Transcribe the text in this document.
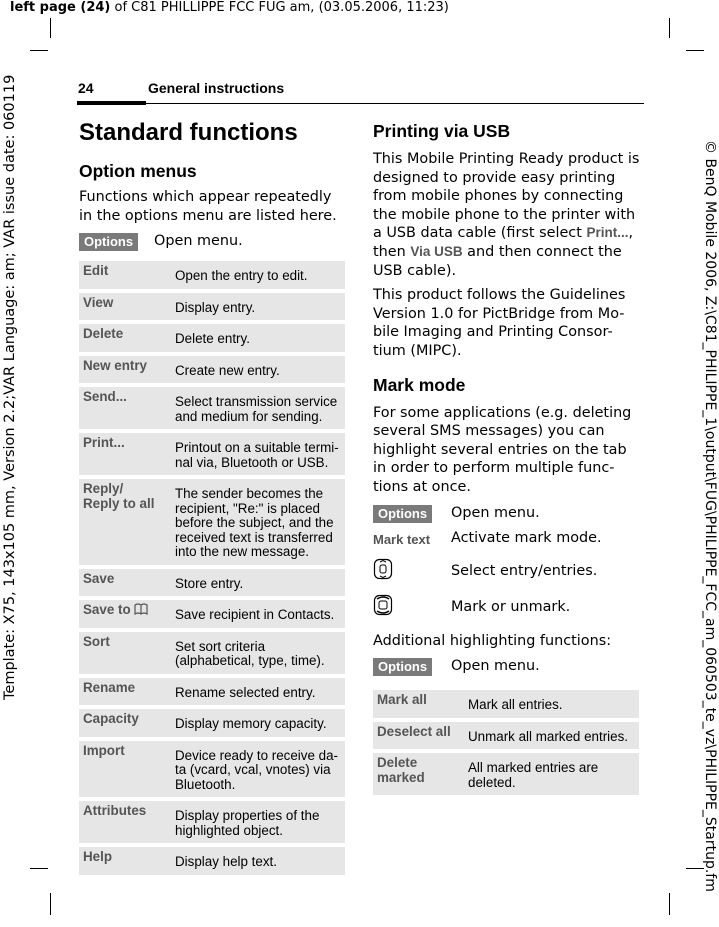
left page (24) of C81 PHILLIPPE FCC FUG am, (03.05.2006, 11:23)
Template: X75, 143x105 mm, Version 2.2;VAR Language: am; VAR issue date: 060119	© BenQ Mobile 2006, Z:\C81_PHILIPPE_1\output\FUG\PHILIPPE_FCC_am_060503_te_vz\PHILIPPE_Startup.fm
24	General instructions
Standard functions
Option menus

Functions which appear repeatedly in the options menu are listed here.

Options	Open menu.
Edit	Open the entry to edit.
View	Display entry.
Delete	Delete entry.
New entry	Create new entry.
Send...	Select transmission service and medium for sending.
Print...	Printout on a suitable termi-nal via, Bluetooth or USB.
Reply/
Reply to all	The sender becomes the recipient, "Re:" is placed before the subject, and the received text is transferred into the new message.
Save	Store entry.
Save to	Save recipient in Contacts.
Sort	Set sort criteria (alphabetical, type, time).
Rename	Rename selected entry.
Capacity	Display memory capacity.
Import	Device ready to receive da-ta (vcard, vcal, vnotes) via Bluetooth.
Attributes	Display properties of the highlighted object.
Help	Display help text.
Printing via USB

This Mobile Printing Ready product is designed to provide easy printing from mobile phones by connecting the mobile phone to the printer with a USB data cable (first select Print..., then Via USB and then connect the USB cable).

This product follows the Guidelines Version 1.0 for PictBridge from Mo-bile Imaging and Printing Consor-tium (MIPC).

Mark mode

For some applications (e.g. deleting several SMS messages) you can highlight several entries on the tab in order to perform multiple func-tions at once.

Options	Open menu.
Mark text	Activate mark mode.
Select entry/entries.
Mark or unmark.

Additional highlighting functions:

Options	Open menu.
Mark all	Mark all entries.
Deselect all	Unmark all marked entries.
Delete marked	All marked entries are deleted.
